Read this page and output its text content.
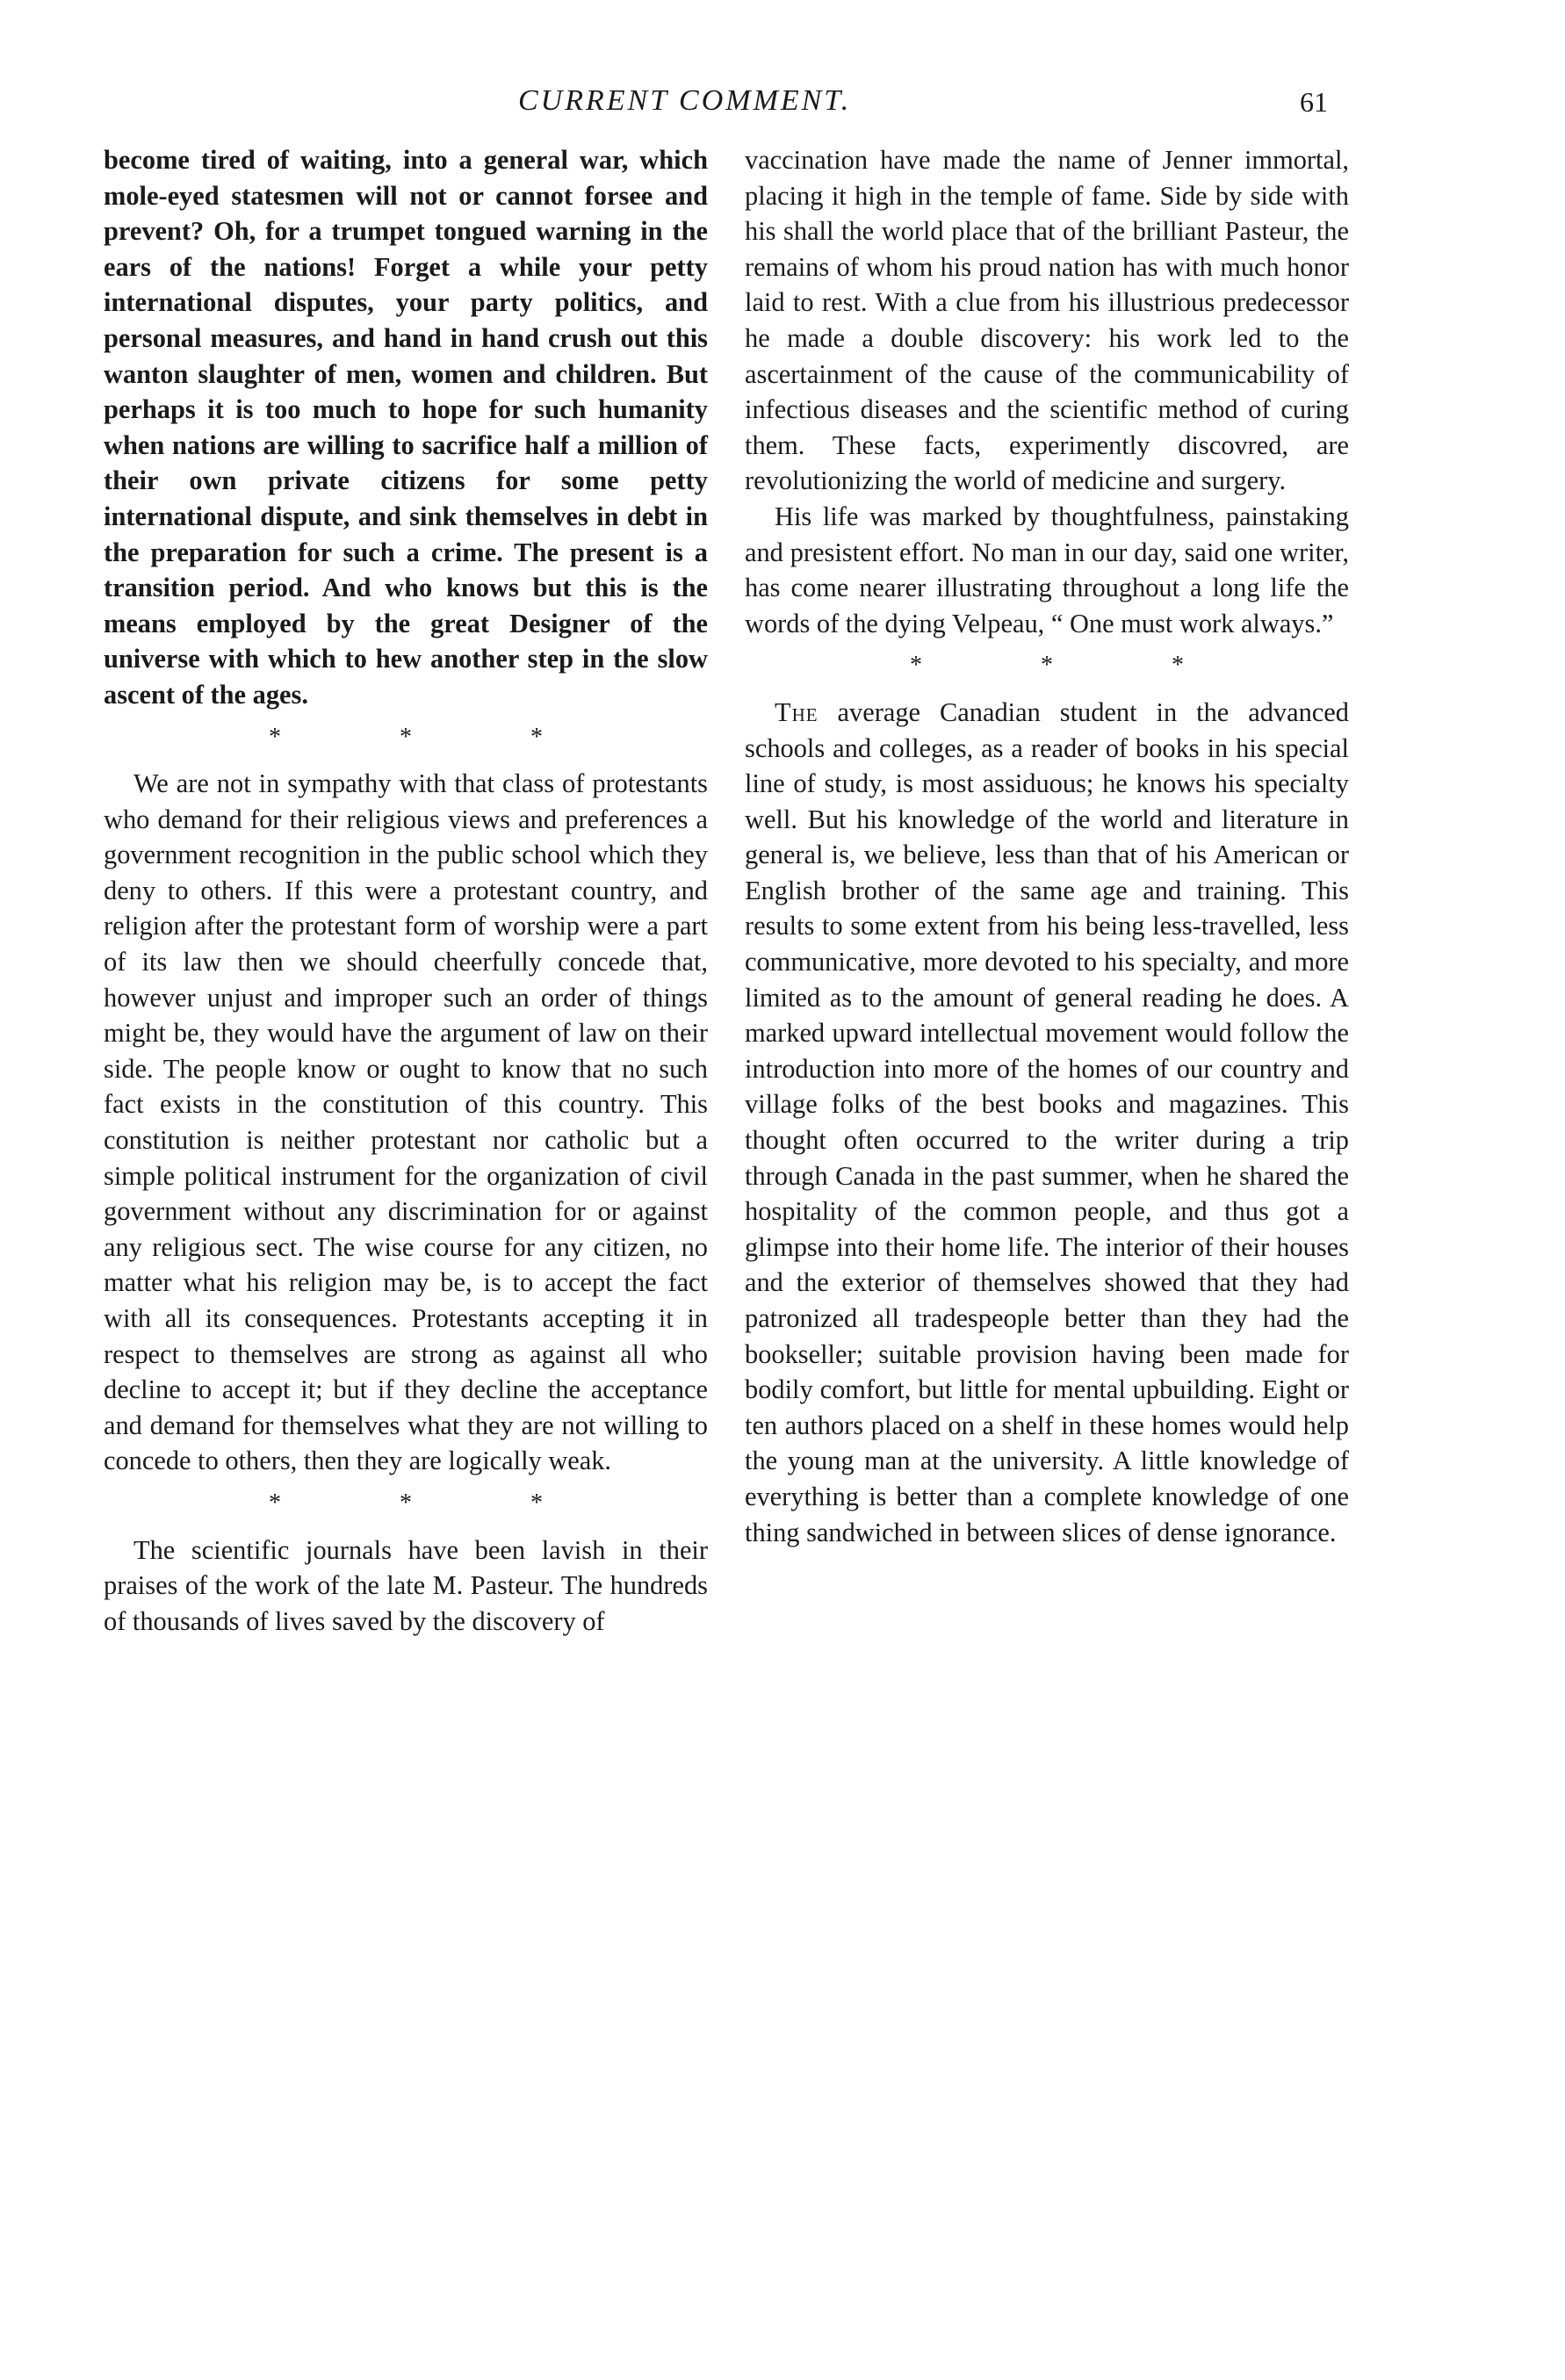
CURRENT COMMENT.	61

become tired of waiting, into a general war, which mole-eyed statesmen will not or cannot forsee and prevent? Oh, for a trumpet tongued warning in the ears of the nations! Forget a while your petty international disputes, your party politics, and personal measures, and hand in hand crush out this wanton slaughter of men, women and children. But perhaps it is too much to hope for such humanity when nations are willing to sacrifice half a million of their own private citizens for some petty international dispute, and sink themselves in debt in the preparation for such a crime. The present is a transition period. And who knows but this is the means employed by the great Designer of the universe with which to hew another step in the slow ascent of the ages.

* * *

We are not in sympathy with that class of protestants who demand for their religious views and preferences a government recognition in the public school which they deny to others. If this were a protestant country, and religion after the protestant form of worship were a part of its law then we should cheerfully concede that, however unjust and improper such an order of things might be, they would have the argument of law on their side. The people know or ought to know that no such fact exists in the constitution of this country. This constitution is neither protestant nor catholic but a simple political instrument for the organization of civil government without any discrimination for or against any religious sect. The wise course for any citizen, no matter what his religion may be, is to accept the fact with all its consequences. Protestants accepting it in respect to themselves are strong as against all who decline to accept it; but if they decline the acceptance and demand for themselves what they are not willing to concede to others, then they are logically weak.

* * *

The scientific journals have been lavish in their praises of the work of the late M. Pasteur. The hundreds of thousands of lives saved by the discovery of

vaccination have made the name of Jenner immortal, placing it high in the temple of fame. Side by side with his shall the world place that of the brilliant Pasteur, the remains of whom his proud nation has with much honor laid to rest. With a clue from his illustrious predecessor he made a double discovery: his work led to the ascertainment of the cause of the communicability of infectious diseases and the scientific method of curing them. These facts, experimently discovred, are revolutionizing the world of medicine and surgery.

His life was marked by thoughtfulness, painstaking and presistent effort. No man in our day, said one writer, has come nearer illustrating throughout a long life the words of the dying Velpeau, “ One must work always.”

* * *

The average Canadian student in the advanced schools and colleges, as a reader of books in his special line of study, is most assiduous; he knows his specialty well. But his knowledge of the world and literature in general is, we believe, less than that of his American or English brother of the same age and training. This results to some extent from his being less-travelled, less communicative, more devoted to his specialty, and more limited as to the amount of general reading he does. A marked upward intellectual movement would follow the introduction into more of the homes of our country and village folks of the best books and magazines. This thought often occurred to the writer during a trip through Canada in the past summer, when he shared the hospitality of the common people, and thus got a glimpse into their home life. The interior of their houses and the exterior of themselves showed that they had patronized all tradespeople better than they had the bookseller; suitable provision having been made for bodily comfort, but little for mental upbuilding. Eight or ten authors placed on a shelf in these homes would help the young man at the university. A little knowledge of everything is better than a complete knowledge of one thing sandwiched in between slices of dense ignorance.
